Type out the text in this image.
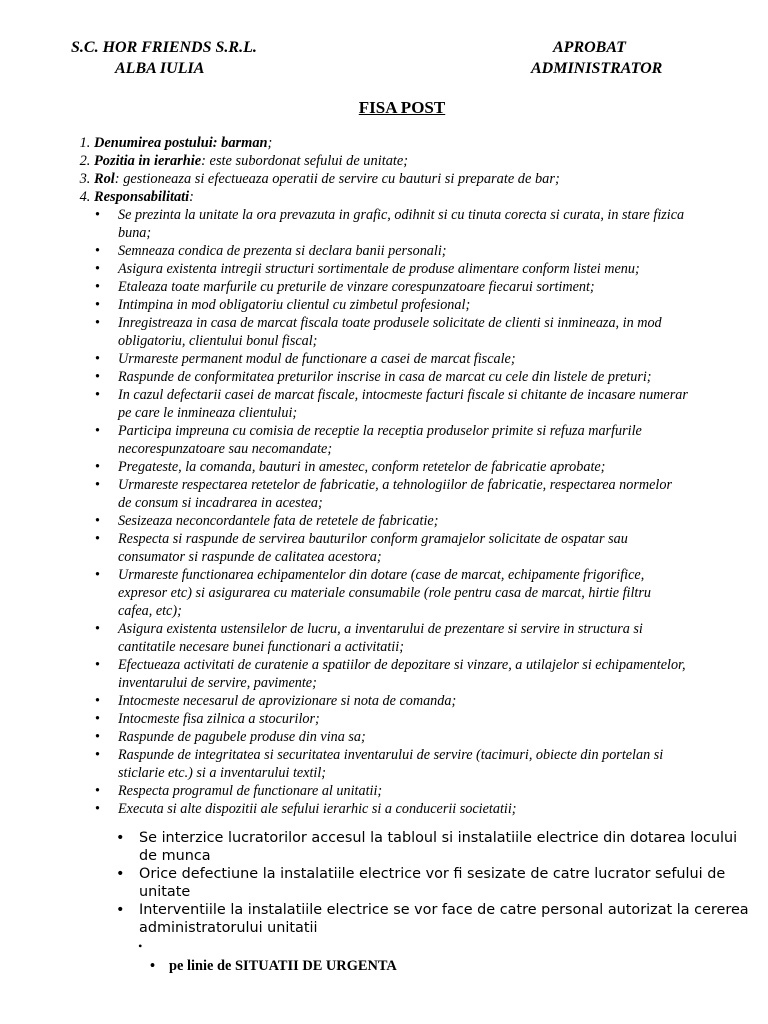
S.C. HOR FRIENDS S.R.L.
ALBA IULIA
APROBAT
ADMINISTRATOR
FISA POST
1. Denumirea postului: barman;
2. Pozitia in ierarhie: este subordonat sefului de unitate;
3. Rol: gestioneaza si efectueaza operatii de servire cu bauturi si preparate de bar;
4. Responsabilitati:
• Se prezinta la unitate la ora prevazuta in grafic, odihnit si cu tinuta corecta si curata, in stare fizica buna;
• Semneaza condica de prezenta si declara banii personali;
• Asigura existenta intregii structuri sortimentale de produse alimentare conform listei menu;
• Etaleaza toate marfurile cu preturile de vinzare corespunzatoare fiecarui sortiment;
• Intimpina in mod obligatoriu clientul cu zimbetul profesional;
• Inregistreaza in casa de marcat fiscala toate produsele solicitate de clienti si inmineaza, in mod obligatoriu, clientului bonul fiscal;
• Urmareste permanent modul de functionare a casei de marcat fiscale;
• Raspunde de conformitatea preturilor inscrise in casa de marcat cu cele din listele de preturi;
• In cazul defectarii casei de marcat fiscale, intocmeste facturi fiscale si chitante de incasare numerar pe care le inmineaza clientului;
• Participa impreuna cu comisia de receptie la receptia produselor primite si refuza marfurile necorespunzatoare sau necomandate;
• Pregateste, la comanda, bauturi in amestec, conform retetelor de fabricatie aprobate;
• Urmareste respectarea retetelor de fabricatie, a tehnologiilor de fabricatie, respectarea normelor de consum si incadrarea in acestea;
• Sesizeaza neconcordantele fata de retetele de fabricatie;
• Respecta si raspunde de servirea bauturilor conform gramajelor solicitate de ospatar sau consumator si raspunde de calitatea acestora;
• Urmareste functionarea echipamentelor din dotare (case de marcat, echipamente frigorifice, expresor etc) si asigurarea cu materiale consumabile (role pentru casa de marcat, hirtie filtru cafea, etc);
• Asigura existenta ustensilelor de lucru, a inventarului de prezentare si servire in structura si cantitatile necesare bunei functionari a activitatii;
• Efectueaza activitati de curatenie a spatiilor de depozitare si vinzare, a utilajelor si echipamentelor, inventarului de servire, pavimente;
• Intocmeste necesarul de aprovizionare si nota de comanda;
• Intocmeste fisa zilnica a stocurilor;
• Raspunde de pagubele produse din vina sa;
• Raspunde de integritatea si securitatea inventarului de servire (tacimuri, obiecte din portelan si sticlarie etc.) si a inventarului textil;
• Respecta programul de functionare al unitatii;
• Executa si alte dispozitii ale sefului ierarhic si a conducerii societatii;
• Se interzice lucratorilor accesul la tabloul si instalatiile electrice din dotarea locului de munca
• Orice defectiune la instalatiile electrice vor fi sesizate de catre lucrator sefului de unitate
• Interventiile la instalatiile electrice se vor face de catre personal autorizat la cererea administratorului unitatii
•
• pe linie de SITUATII DE URGENTA
